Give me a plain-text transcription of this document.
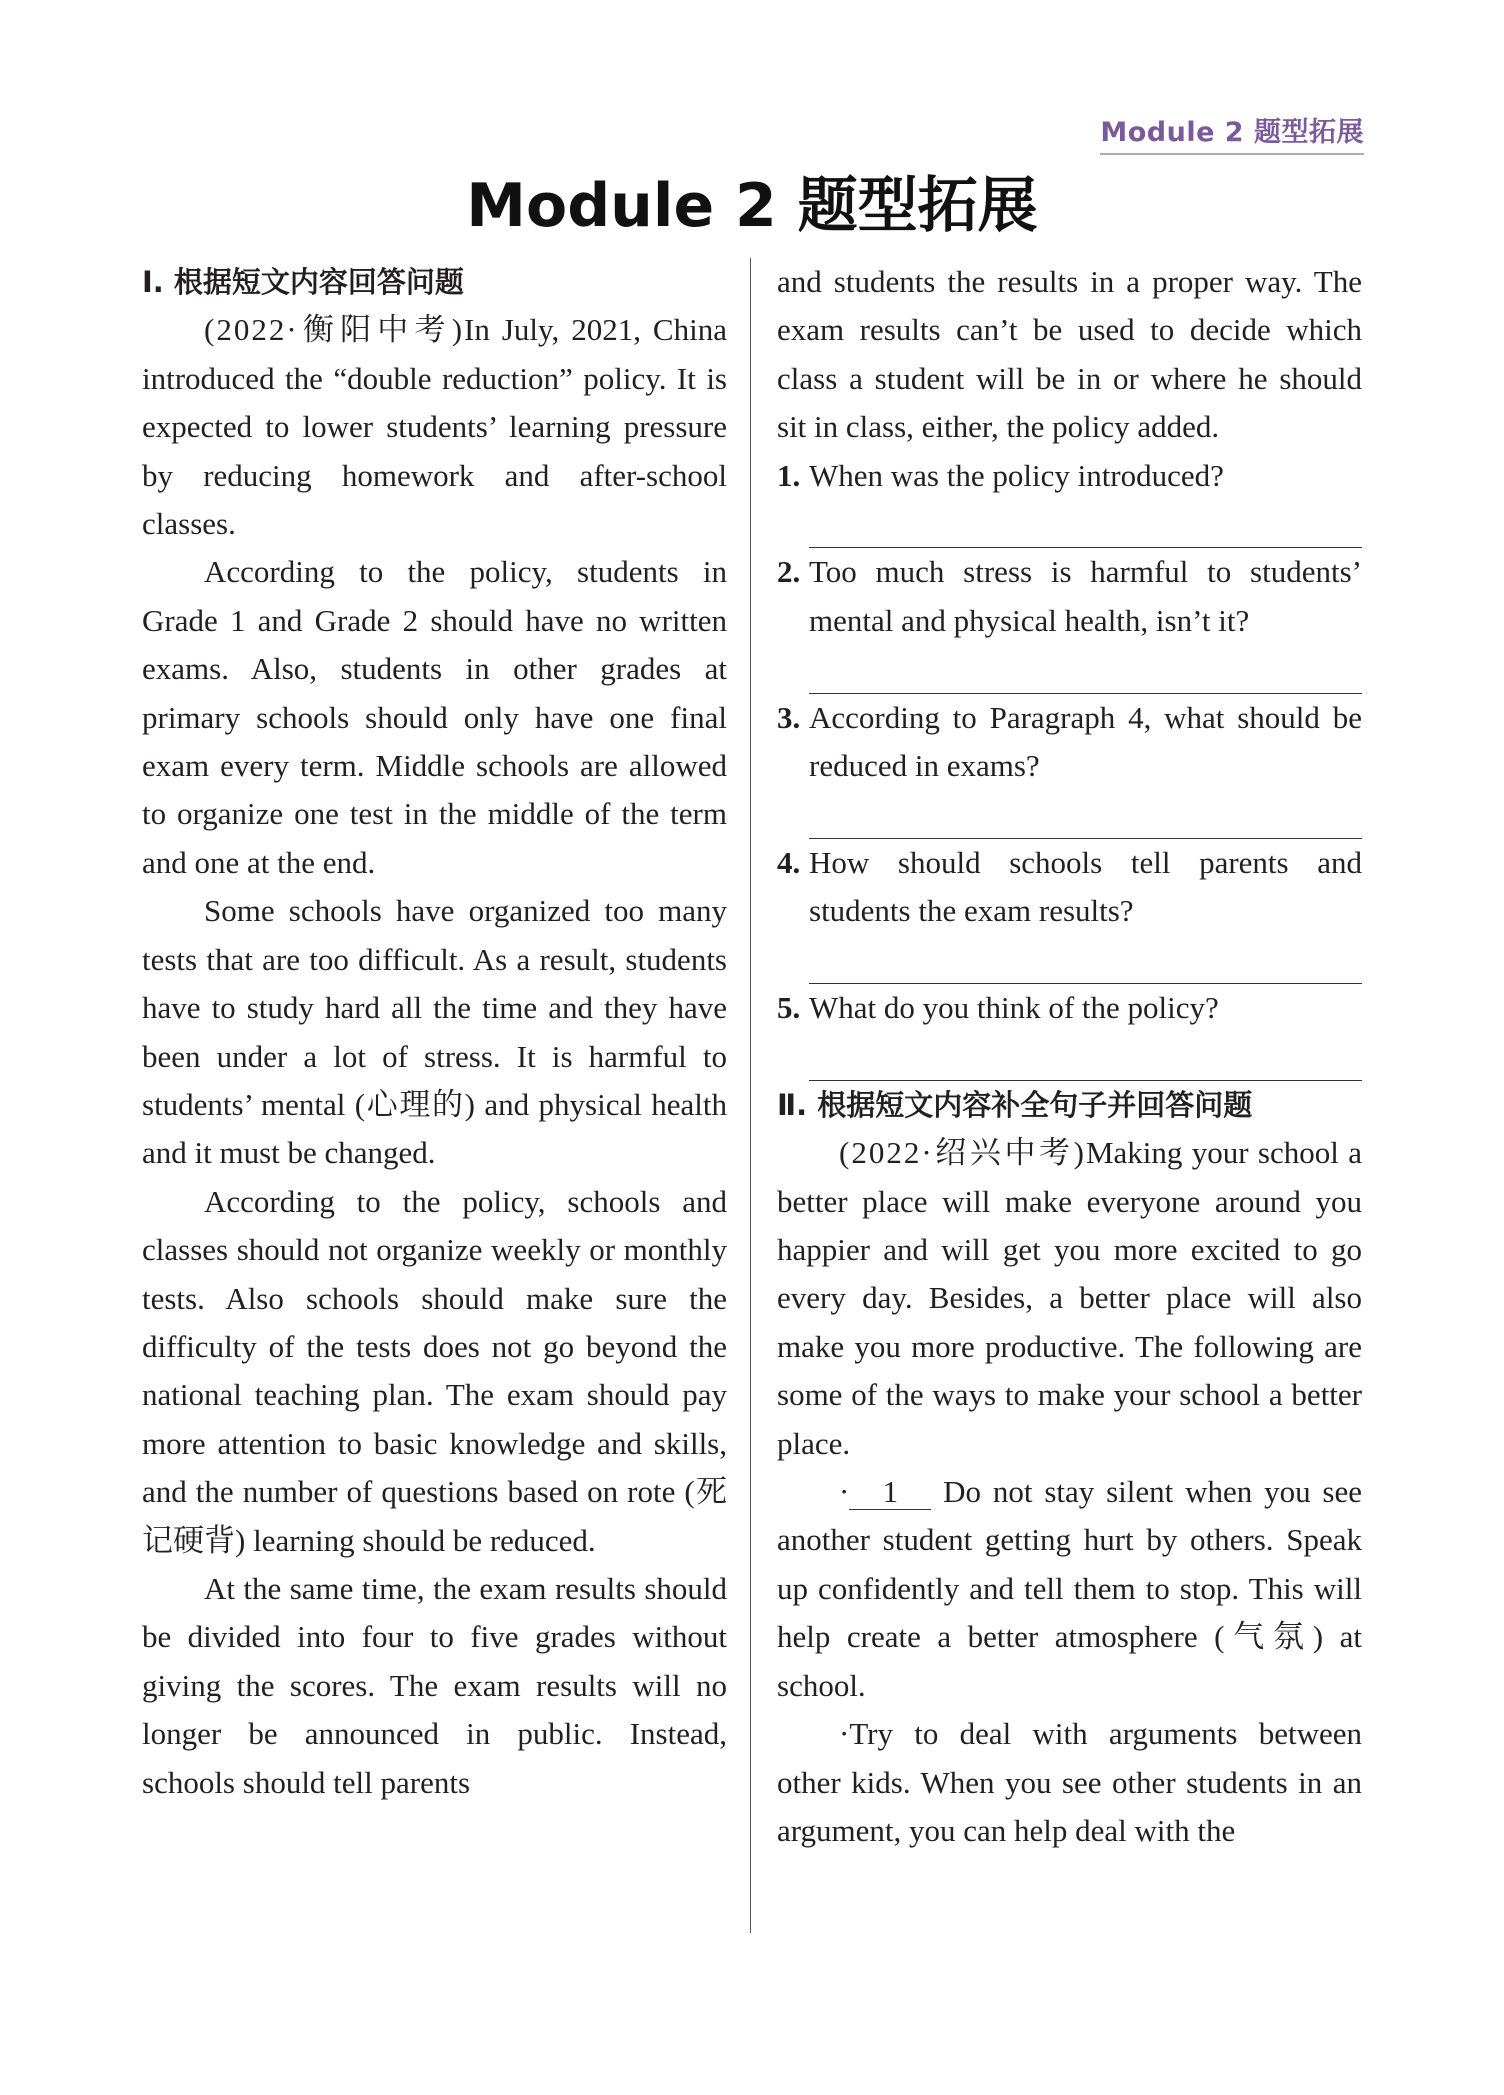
Module 2 题型拓展
Module 2 题型拓展
Ⅰ. 根据短文内容回答问题

(2022·衡阳中考)In July, 2021, China introduced the “double reduction” policy. It is expected to lower students’ learning pressure by reducing homework and after-school classes.

According to the policy, students in Grade 1 and Grade 2 should have no written exams. Also, students in other grades at primary schools should only have one final exam every term. Middle schools are allowed to organize one test in the middle of the term and one at the end.

Some schools have organized too many tests that are too difficult. As a result, students have to study hard all the time and they have been under a lot of stress. It is harmful to students’ mental (心理的) and physical health and it must be changed.

According to the policy, schools and classes should not organize weekly or monthly tests. Also schools should make sure the difficulty of the tests does not go beyond the national teaching plan. The exam should pay more attention to basic knowledge and skills, and the number of questions based on rote (死记硬背) learning should be reduced.

At the same time, the exam results should be divided into four to five grades without giving the scores. The exam results will no longer be announced in public. Instead, schools should tell parents

and students the results in a proper way. The exam results can’t be used to decide which class a student will be in or where he should sit in class, either, the policy added.

1. When was the policy introduced?
2. Too much stress is harmful to students’ mental and physical health, isn’t it?
3. According to Paragraph 4, what should be reduced in exams?
4. How should schools tell parents and students the exam results?
5. What do you think of the policy?
Ⅱ. 根据短文内容补全句子并回答问题

(2022·绍兴中考)Making your school a better place will make everyone around you happier and will get you more excited to go every day. Besides, a better place will also make you more productive. The following are some of the ways to make your school a better place.

· 1 Do not stay silent when you see another student getting hurt by others. Speak up confidently and tell them to stop. This will help create a better atmosphere (气氛) at school.

·Try to deal with arguments between other kids. When you see other students in an argument, you can help deal with the
